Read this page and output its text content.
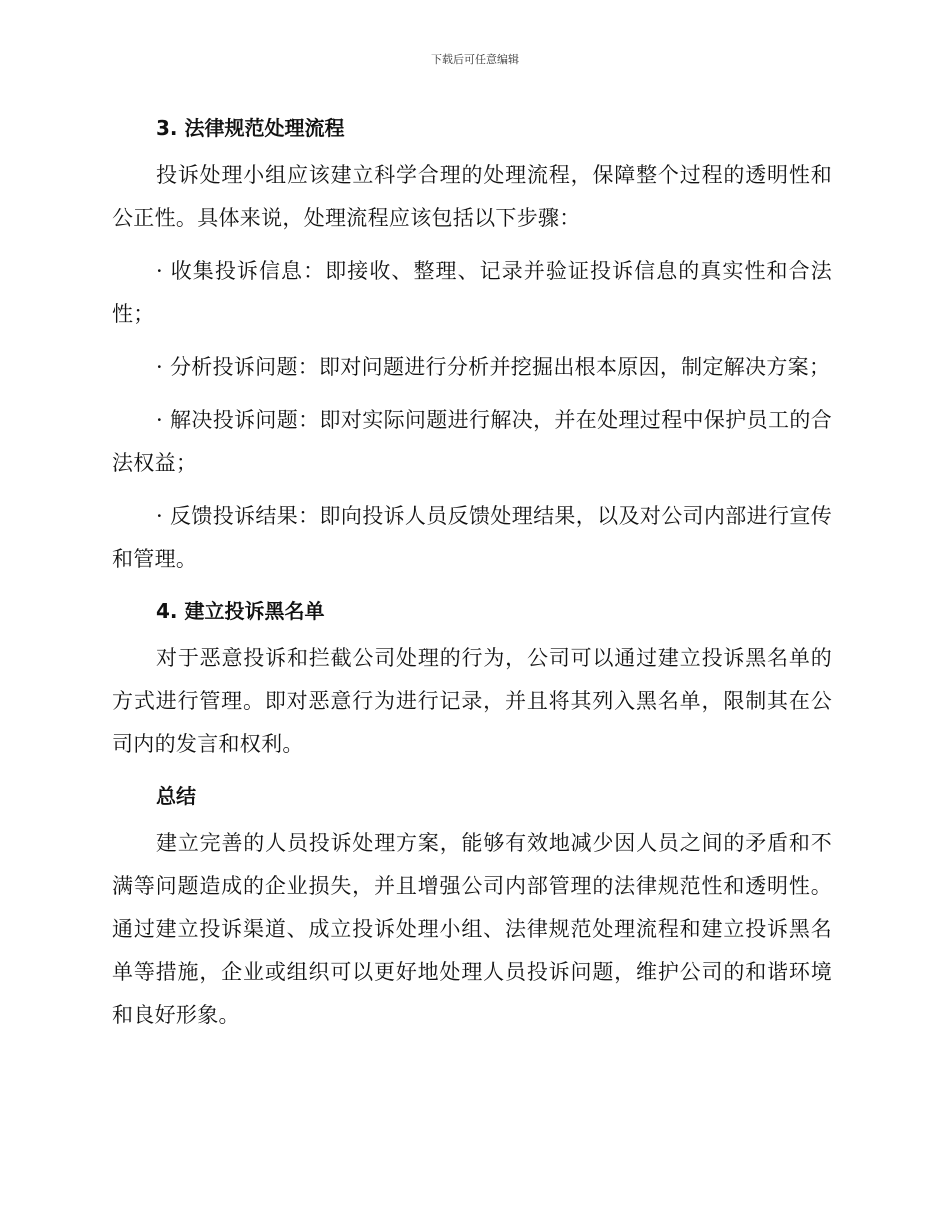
下载后可任意编辑
3. 法律规范处理流程

投诉处理小组应该建立科学合理的处理流程，保障整个过程的透明性和公正性。具体来说，处理流程应该包括以下步骤：

· 收集投诉信息：即接收、整理、记录并验证投诉信息的真实性和合法性；

· 分析投诉问题：即对问题进行分析并挖掘出根本原因，制定解决方案；

· 解决投诉问题：即对实际问题进行解决，并在处理过程中保护员工的合法权益；

· 反馈投诉结果：即向投诉人员反馈处理结果，以及对公司内部进行宣传和管理。

4. 建立投诉黑名单

对于恶意投诉和拦截公司处理的行为，公司可以通过建立投诉黑名单的方式进行管理。即对恶意行为进行记录，并且将其列入黑名单，限制其在公司内的发言和权利。

总结

建立完善的人员投诉处理方案，能够有效地减少因人员之间的矛盾和不满等问题造成的企业损失，并且增强公司内部管理的法律规范性和透明性。通过建立投诉渠道、成立投诉处理小组、法律规范处理流程和建立投诉黑名单等措施，企业或组织可以更好地处理人员投诉问题，维护公司的和谐环境和良好形象。
